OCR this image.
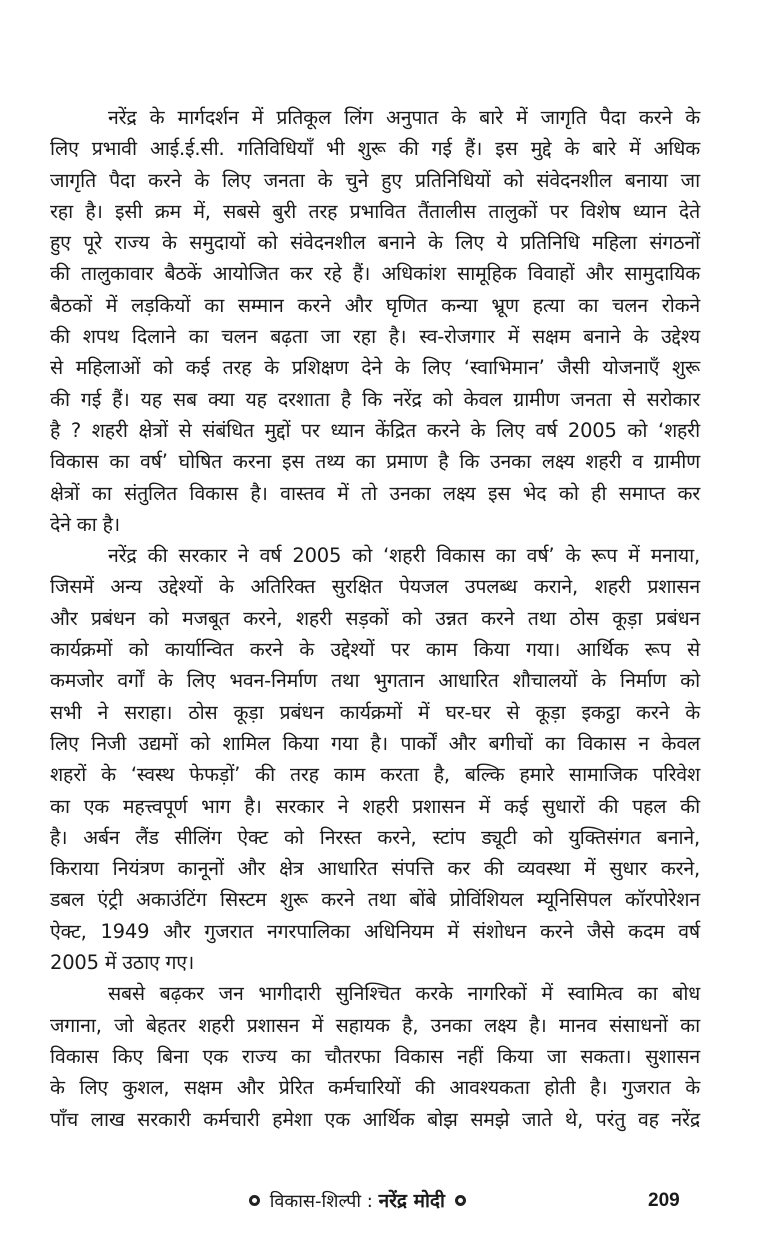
नरेंद्र के मार्गदर्शन में प्रतिकूल लिंग अनुपात के बारे में जागृति पैदा करने के
लिए प्रभावी आई.ई.सी. गतिविधियाँ भी शुरू की गई हैं। इस मुद्दे के बारे में अधिक
जागृति पैदा करने के लिए जनता के चुने हुए प्रतिनिधियों को संवेदनशील बनाया जा
रहा है। इसी क्रम में, सबसे बुरी तरह प्रभावित तैंतालीस तालुकों पर विशेष ध्यान देते
हुए पूरे राज्य के समुदायों को संवेदनशील बनाने के लिए ये प्रतिनिधि महिला संगठनों
की तालुकावार बैठकें आयोजित कर रहे हैं। अधिकांश सामूहिक विवाहों और सामुदायिक
बैठकों में लड़कियों का सम्मान करने और घृणित कन्या भ्रूण हत्या का चलन रोकने
की शपथ दिलाने का चलन बढ़ता जा रहा है। स्व-रोजगार में सक्षम बनाने के उद्देश्य
से महिलाओं को कई तरह के प्रशिक्षण देने के लिए ‘स्वाभिमान’ जैसी योजनाएँ शुरू
की गई हैं। यह सब क्या यह दरशाता है कि नरेंद्र को केवल ग्रामीण जनता से सरोकार
है ? शहरी क्षेत्रों से संबंधित मुद्दों पर ध्यान केंद्रित करने के लिए वर्ष 2005 को ‘शहरी
विकास का वर्ष’ घोषित करना इस तथ्य का प्रमाण है कि उनका लक्ष्य शहरी व ग्रामीण
क्षेत्रों का संतुलित विकास है। वास्तव में तो उनका लक्ष्य इस भेद को ही समाप्त कर
देने का है।
नरेंद्र की सरकार ने वर्ष 2005 को ‘शहरी विकास का वर्ष’ के रूप में मनाया,
जिसमें अन्य उद्देश्यों के अतिरिक्त सुरक्षित पेयजल उपलब्ध कराने, शहरी प्रशासन
और प्रबंधन को मजबूत करने, शहरी सड़कों को उन्नत करने तथा ठोस कूड़ा प्रबंधन
कार्यक्रमों को कार्यान्वित करने के उद्देश्यों पर काम किया गया। आर्थिक रूप से
कमजोर वर्गों के लिए भवन-निर्माण तथा भुगतान आधारित शौचालयों के निर्माण को
सभी ने सराहा। ठोस कूड़ा प्रबंधन कार्यक्रमों में घर-घर से कूड़ा इकट्ठा करने के
लिए निजी उद्यमों को शामिल किया गया है। पार्कों और बगीचों का विकास न केवल
शहरों के ‘स्वस्थ फेफड़ों’ की तरह काम करता है, बल्कि हमारे सामाजिक परिवेश
का एक महत्त्वपूर्ण भाग है। सरकार ने शहरी प्रशासन में कई सुधारों की पहल की
है। अर्बन लैंड सीलिंग ऐक्ट को निरस्त करने, स्टांप ड्यूटी को युक्तिसंगत बनाने,
किराया नियंत्रण कानूनों और क्षेत्र आधारित संपत्ति कर की व्यवस्था में सुधार करने,
डबल एंट्री अकाउंटिंग सिस्टम शुरू करने तथा बोंबे प्रोविंशियल म्यूनिसिपल कॉरपोरेशन
ऐक्ट, 1949 और गुजरात नगरपालिका अधिनियम में संशोधन करने जैसे कदम वर्ष
2005 में उठाए गए।
सबसे बढ़कर जन भागीदारी सुनिश्चित करके नागरिकों में स्वामित्व का बोध
जगाना, जो बेहतर शहरी प्रशासन में सहायक है, उनका लक्ष्य है। मानव संसाधनों का
विकास किए बिना एक राज्य का चौतरफा विकास नहीं किया जा सकता। सुशासन
के लिए कुशल, सक्षम और प्रेरित कर्मचारियों की आवश्यकता होती है। गुजरात के
पाँच लाख सरकारी कर्मचारी हमेशा एक आर्थिक बोझ समझे जाते थे, परंतु वह नरेंद्र
विकास-शिल्पी : नरेंद्र मोदी	209
